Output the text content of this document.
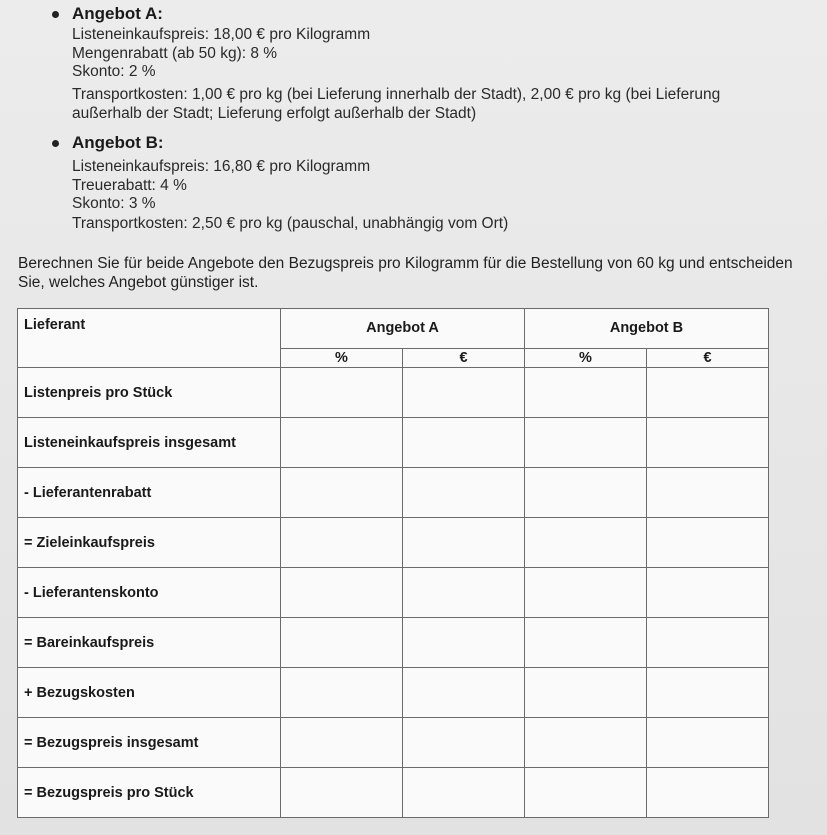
Angebot A:
Listeneinkaufspreis: 18,00 € pro Kilogramm
Mengenrabatt (ab 50 kg): 8 %
Skonto: 2 %
Transportkosten: 1,00 € pro kg (bei Lieferung innerhalb der Stadt), 2,00 € pro kg (bei Lieferung
außerhalb der Stadt; Lieferung erfolgt außerhalb der Stadt)
Angebot B:
Listeneinkaufspreis: 16,80 € pro Kilogramm
Treuerabatt: 4 %
Skonto: 3 %
Transportkosten: 2,50 € pro kg (pauschal, unabhängig vom Ort)
Berechnen Sie für beide Angebote den Bezugspreis pro Kilogramm für die Bestellung von 60 kg und entscheiden Sie, welches Angebot günstiger ist.
Lieferant	Angebot A		Angebot B	
	%	€	%	€
Listenpreis pro Stück				
Listeneinkaufspreis insgesamt				
- Lieferantenrabatt				
= Zieleinkaufspreis				
- Lieferantenskonto				
= Bareinkaufspreis				
+ Bezugskosten				
= Bezugspreis insgesamt				
= Bezugspreis pro Stück				
